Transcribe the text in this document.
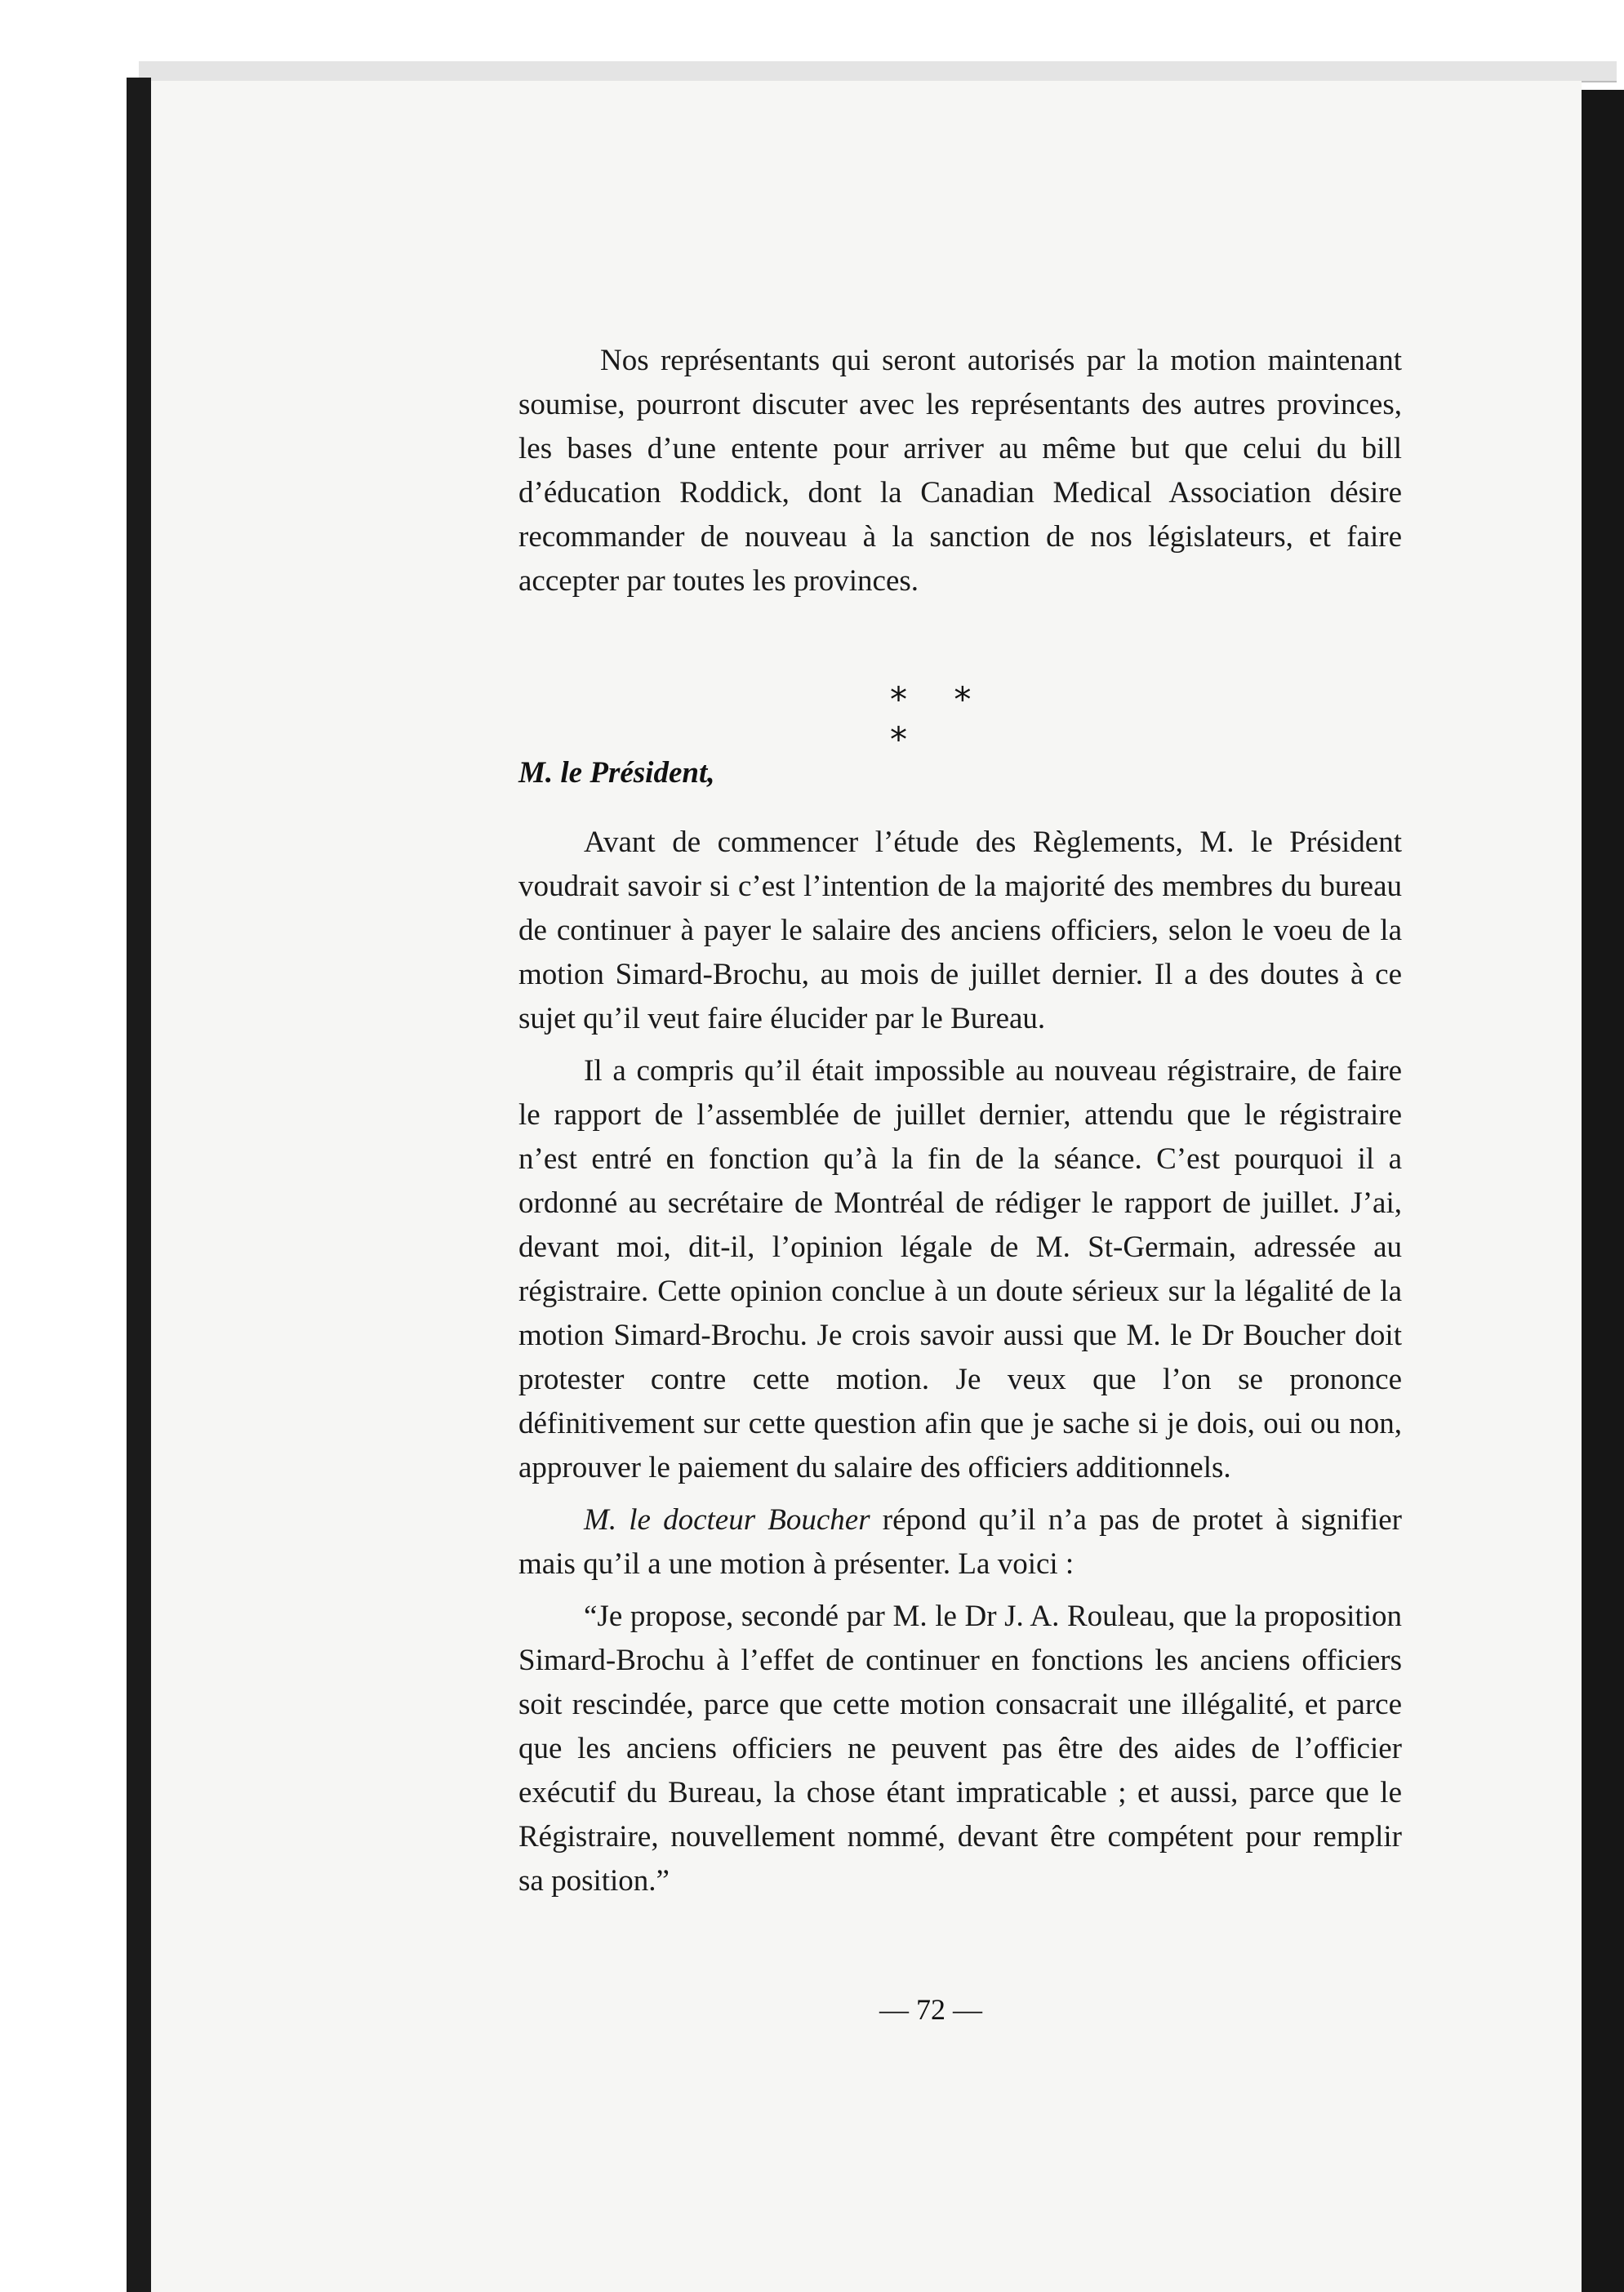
Nos représentants qui seront autorisés par la motion maintenant soumise, pourront discuter avec les représentants des autres provinces, les bases d’une entente pour arriver au même but que celui du bill d’éducation Roddick, dont la Canadian Medical Association désire recommander de nouveau à la sanction de nos législateurs, et faire accepter par toutes les provinces.
* * *
M. le Président,

Avant de commencer l’étude des Règlements, M. le Président voudrait savoir si c’est l’intention de la majorité des membres du bureau de continuer à payer le salaire des anciens officiers, selon le voeu de la motion Simard-Brochu, au mois de juillet dernier. Il a des doutes à ce sujet qu’il veut faire élucider par le Bureau.

Il a compris qu’il était impossible au nouveau régistraire, de faire le rapport de l’assemblée de juillet dernier, attendu que le régistraire n’est entré en fonction qu’à la fin de la séance. C’est pourquoi il a ordonné au secrétaire de Montréal de rédiger le rapport de juillet. J’ai, devant moi, dit-il, l’opinion légale de M. St-Germain, adressée au régistraire. Cette opinion conclue à un doute sérieux sur la légalité de la motion Simard-Brochu. Je crois savoir aussi que M. le Dr Boucher doit protester contre cette motion. Je veux que l’on se prononce définitivement sur cette question afin que je sache si je dois, oui ou non, approuver le paiement du salaire des officiers additionnels.

M. le docteur Boucher répond qu’il n’a pas de protet à signifier mais qu’il a une motion à présenter. La voici :

“Je propose, secondé par M. le Dr J. A. Rouleau, que la proposition Simard-Brochu à l’effet de continuer en fonctions les anciens officiers soit rescindée, parce que cette motion consacrait une illégalité, et parce que les anciens officiers ne peuvent pas être des aides de l’officier exécutif du Bureau, la chose étant impraticable ; et aussi, parce que le Régistraire, nouvellement nommé, devant être compétent pour remplir sa position.”

— 72 —
